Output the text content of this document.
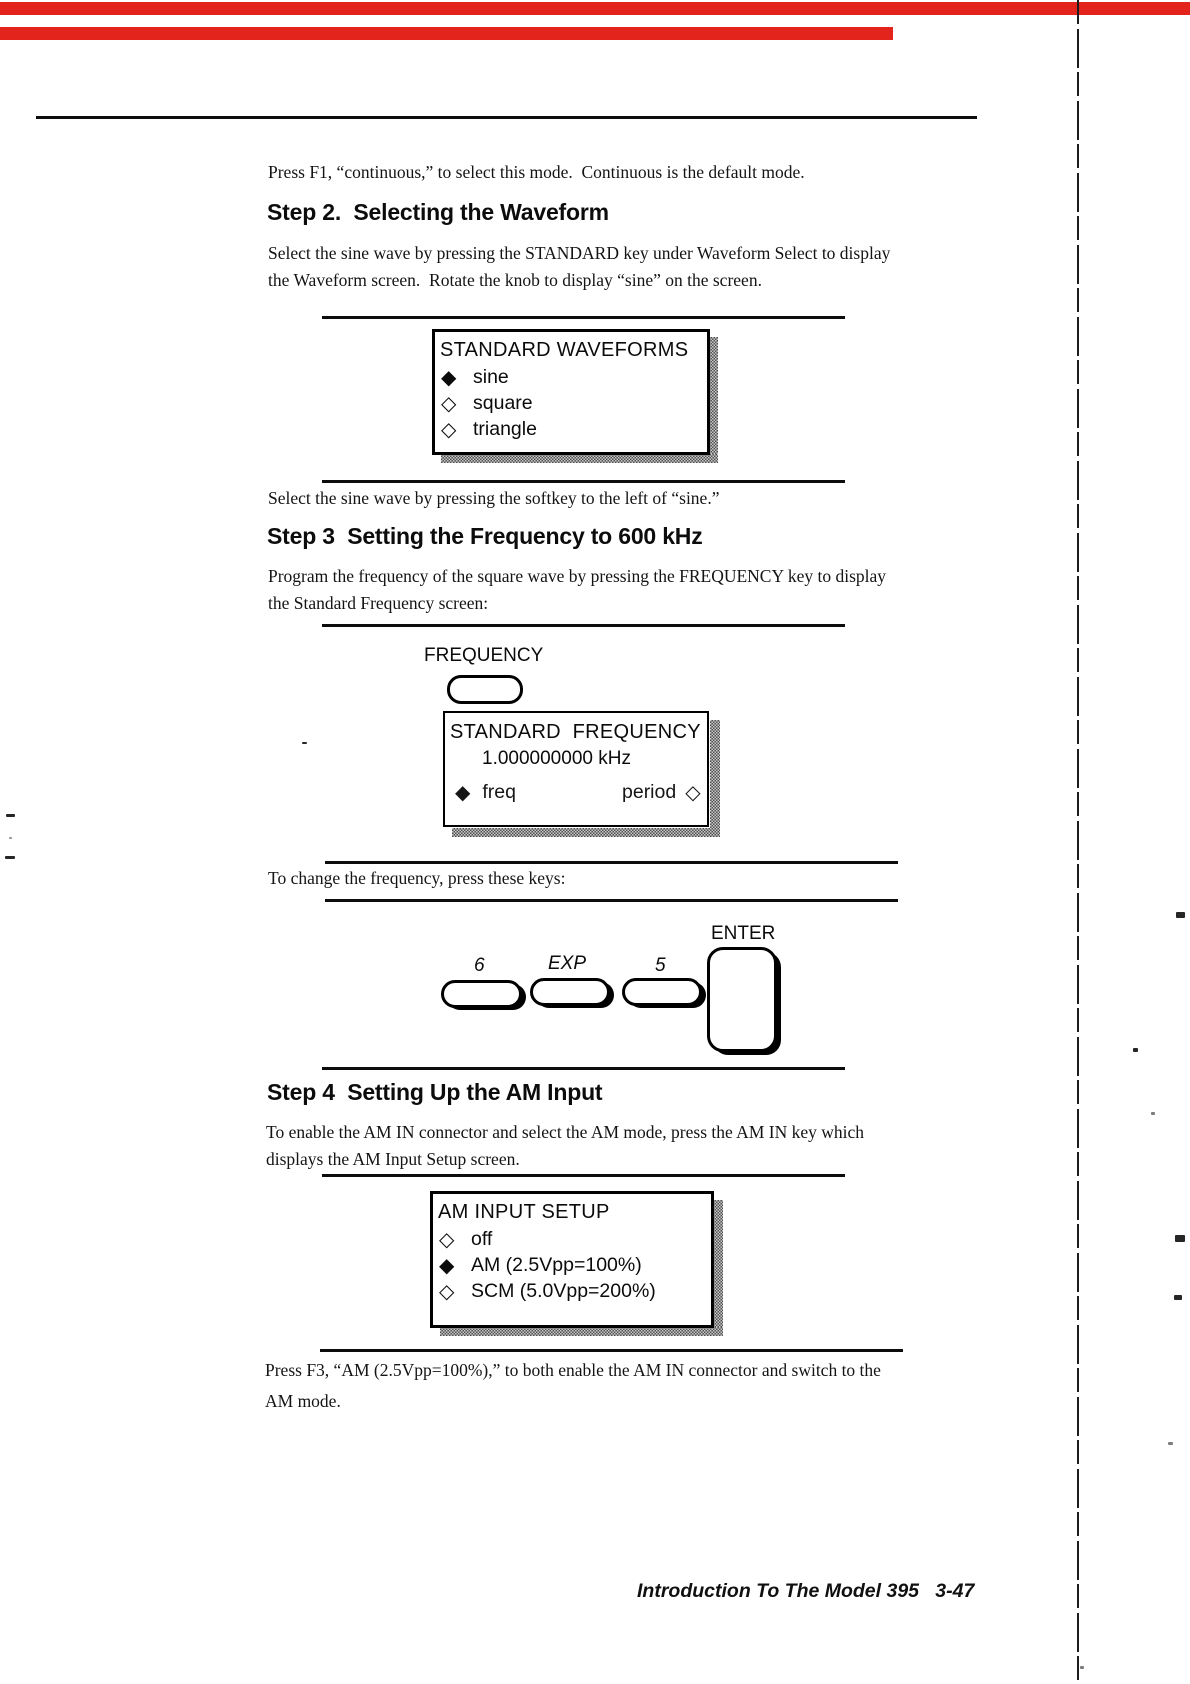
Press F1, “continuous,” to select this mode.  Continuous is the default mode.
Step 2.  Selecting the Waveform
Select the sine wave by pressing the STANDARD key under Waveform Select to display
the Waveform screen.  Rotate the knob to display “sine” on the screen.
STANDARD WAVEFORMS
◆ sine
◇ square
◇ triangle
Select the sine wave by pressing the softkey to the left of “sine.”
Step 3  Setting the Frequency to 600 kHz
Program the frequency of the square wave by pressing the FREQUENCY key to display
the Standard Frequency screen:
FREQUENCY
STANDARD  FREQUENCY
1.000000000 kHz
◆ freq	period ◇
To change the frequency, press these keys:
6	EXP	5
ENTER
Step 4  Setting Up the AM Input
To enable the AM IN connector and select the AM mode, press the AM IN key which
displays the AM Input Setup screen.
AM INPUT SETUP
◇ off
◆ AM (2.5Vpp=100%)
◇ SCM (5.0Vpp=200%)
Press F3, “AM (2.5Vpp=100%),” to both enable the AM IN connector and switch to the
AM mode.
Introduction To The Model 395   3-47
